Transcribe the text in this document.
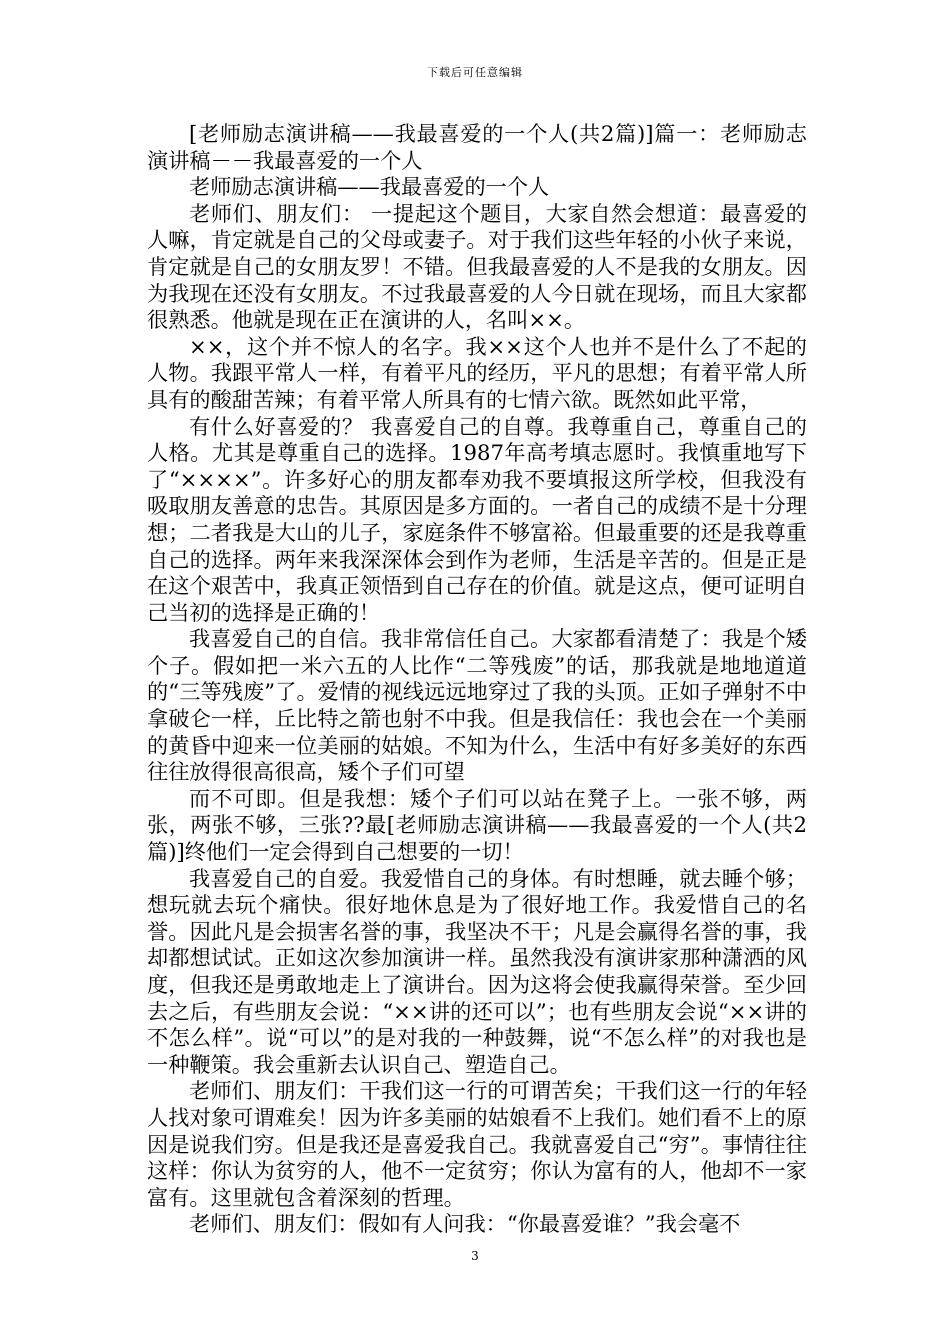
下载后可任意编辑

[老师励志演讲稿——我最喜爱的一个人(共2篇)]篇一：老师励志演讲稿－－我最喜爱的一个人

老师励志演讲稿——我最喜爱的一个人

老师们、朋友们： 一提起这个题目，大家自然会想道：最喜爱的人嘛，肯定就是自己的父母或妻子。对于我们这些年轻的小伙子来说，肯定就是自己的女朋友罗！不错。但我最喜爱的人不是我的女朋友。因为我现在还没有女朋友。不过我最喜爱的人今日就在现场，而且大家都很熟悉。他就是现在正在演讲的人，名叫××。

××，这个并不惊人的名字。我××这个人也并不是什么了不起的人物。我跟平常人一样，有着平凡的经历，平凡的思想；有着平常人所具有的酸甜苦辣；有着平常人所具有的七情六欲。既然如此平常，

有什么好喜爱的？ 我喜爱自己的自尊。我尊重自己，尊重自己的人格。尤其是尊重自己的选择。1987年高考填志愿时。我慎重地写下了“××××”。许多好心的朋友都奉劝我不要填报这所学校，但我没有吸取朋友善意的忠告。其原因是多方面的。一者自己的成绩不是十分理想；二者我是大山的儿子，家庭条件不够富裕。但最重要的还是我尊重自己的选择。两年来我深深体会到作为老师，生活是辛苦的。但是正是在这个艰苦中，我真正领悟到自己存在的价值。就是这点，便可证明自己当初的选择是正确的！

我喜爱自己的自信。我非常信任自己。大家都看清楚了：我是个矮个子。假如把一米六五的人比作“二等残废”的话，那我就是地地道道的“三等残废”了。爱情的视线远远地穿过了我的头顶。正如子弹射不中拿破仑一样，丘比特之箭也射不中我。但是我信任：我也会在一个美丽的黄昏中迎来一位美丽的姑娘。不知为什么，生活中有好多美好的东西往往放得很高很高，矮个子们可望

而不可即。但是我想：矮个子们可以站在凳子上。一张不够，两张，两张不够，三张??最[老师励志演讲稿——我最喜爱的一个人(共2篇)]终他们一定会得到自己想要的一切！

我喜爱自己的自爱。我爱惜自己的身体。有时想睡，就去睡个够；想玩就去玩个痛快。很好地休息是为了很好地工作。我爱惜自己的名誉。因此凡是会损害名誉的事，我坚决不干；凡是会赢得名誉的事，我却都想试试。正如这次参加演讲一样。虽然我没有演讲家那种潇洒的风度，但我还是勇敢地走上了演讲台。因为这将会使我赢得荣誉。至少回去之后，有些朋友会说：“××讲的还可以”；也有些朋友会说“××讲的不怎么样”。说“可以”的是对我的一种鼓舞，说“不怎么样”的对我也是一种鞭策。我会重新去认识自己、塑造自己。

老师们、朋友们：干我们这一行的可谓苦矣；干我们这一行的年轻人找对象可谓难矣！因为许多美丽的姑娘看不上我们。她们看不上的原因是说我们穷。但是我还是喜爱我自己。我就喜爱自己“穷”。事情往往这样：你认为贫穷的人，他不一定贫穷；你认为富有的人，他却不一家富有。这里就包含着深刻的哲理。

老师们、朋友们：假如有人问我：“你最喜爱谁？”我会毫不

3
